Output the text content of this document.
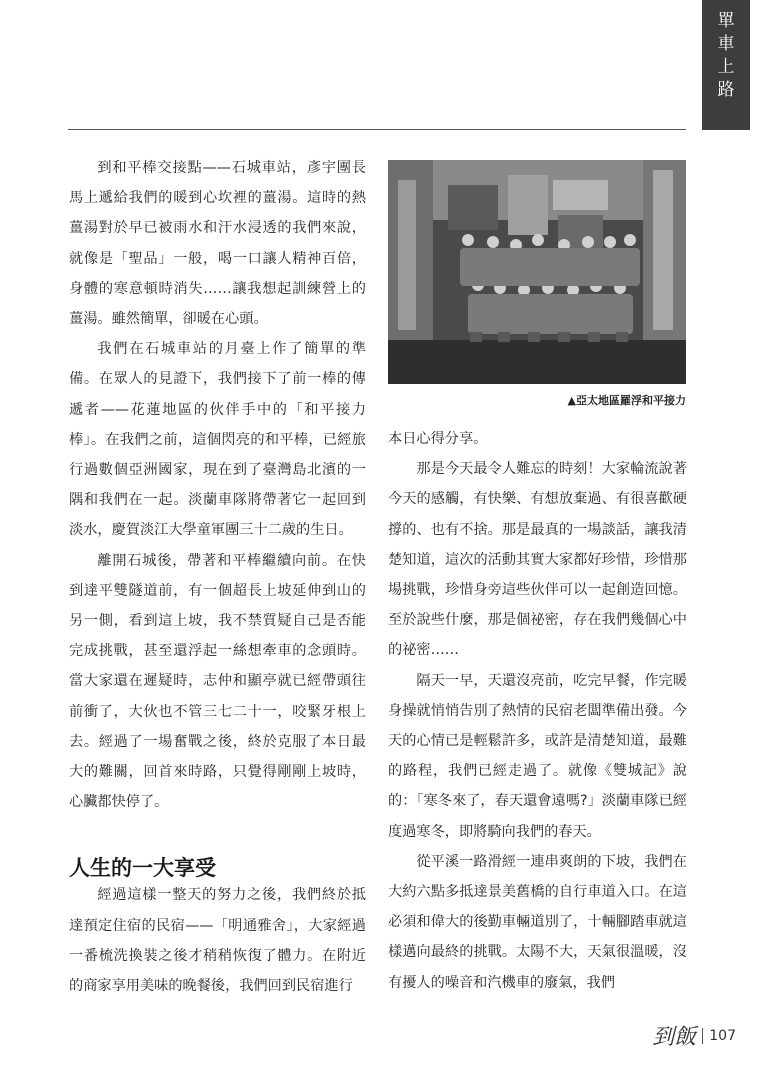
單
車
上
路

到和平棒交接點——石城車站，彥宇團長馬上遞給我們的暖到心坎裡的薑湯。這時的熱薑湯對於早已被雨水和汗水浸透的我們來說，就像是「聖品」一般，喝一口讓人精神百倍，身體的寒意頓時消失……讓我想起訓練營上的薑湯。雖然簡單，卻暖在心頭。

我們在石城車站的月臺上作了簡單的準備。在眾人的見證下，我們接下了前一棒的傳遞者——花蓮地區的伙伴手中的「和平接力棒」。在我們之前，這個閃亮的和平棒，已經旅行過數個亞洲國家，現在到了臺灣島北濱的一隅和我們在一起。淡蘭車隊將帶著它一起回到淡水，慶賀淡江大學童軍團三十二歲的生日。

離開石城後，帶著和平棒繼續向前。在快到達平雙隧道前，有一個超長上坡延伸到山的另一側，看到這上坡，我不禁質疑自己是否能完成挑戰，甚至還浮起一絲想牽車的念頭時。當大家還在遲疑時，志仲和顯亭就已經帶頭往前衝了，大伙也不管三七二十一，咬緊牙根上去。經過了一場奮戰之後，終於克服了本日最大的難關，回首來時路，只覺得剛剛上坡時，心臟都快停了。

人生的一大享受

經過這樣一整天的努力之後，我們終於抵達預定住宿的民宿——「明通雅舍」，大家經過一番梳洗換裝之後才稍稍恢復了體力。在附近的商家享用美味的晚餐後，我們回到民宿進行

▲亞太地區羅浮和平接力

本日心得分享。

那是今天最令人難忘的時刻！大家輪流說著今天的感觸，有快樂、有想放棄過、有很喜歡硬撐的、也有不捨。那是最真的一場談話，讓我清楚知道，這次的活動其實大家都好珍惜，珍惜那場挑戰，珍惜身旁這些伙伴可以一起創造回憶。至於說些什麼，那是個祕密，存在我們幾個心中的祕密……

隔天一早，天還沒亮前，吃完早餐，作完暖身操就悄悄告別了熱情的民宿老闆準備出發。今天的心情已是輕鬆許多，或許是清楚知道，最難的路程，我們已經走過了。就像《雙城記》說的：「寒冬來了，春天還會遠嗎?」淡蘭車隊已經度過寒冬，即將騎向我們的春天。

從平溪一路滑經一連串爽朗的下坡，我們在大約六點多抵達景美舊橋的自行車道入口。在這必須和偉大的後勤車輛道別了，十輛腳踏車就這樣邁向最終的挑戰。太陽不大，天氣很溫暖，沒有擾人的噪音和汽機車的廢氣，我們

到飯 107
